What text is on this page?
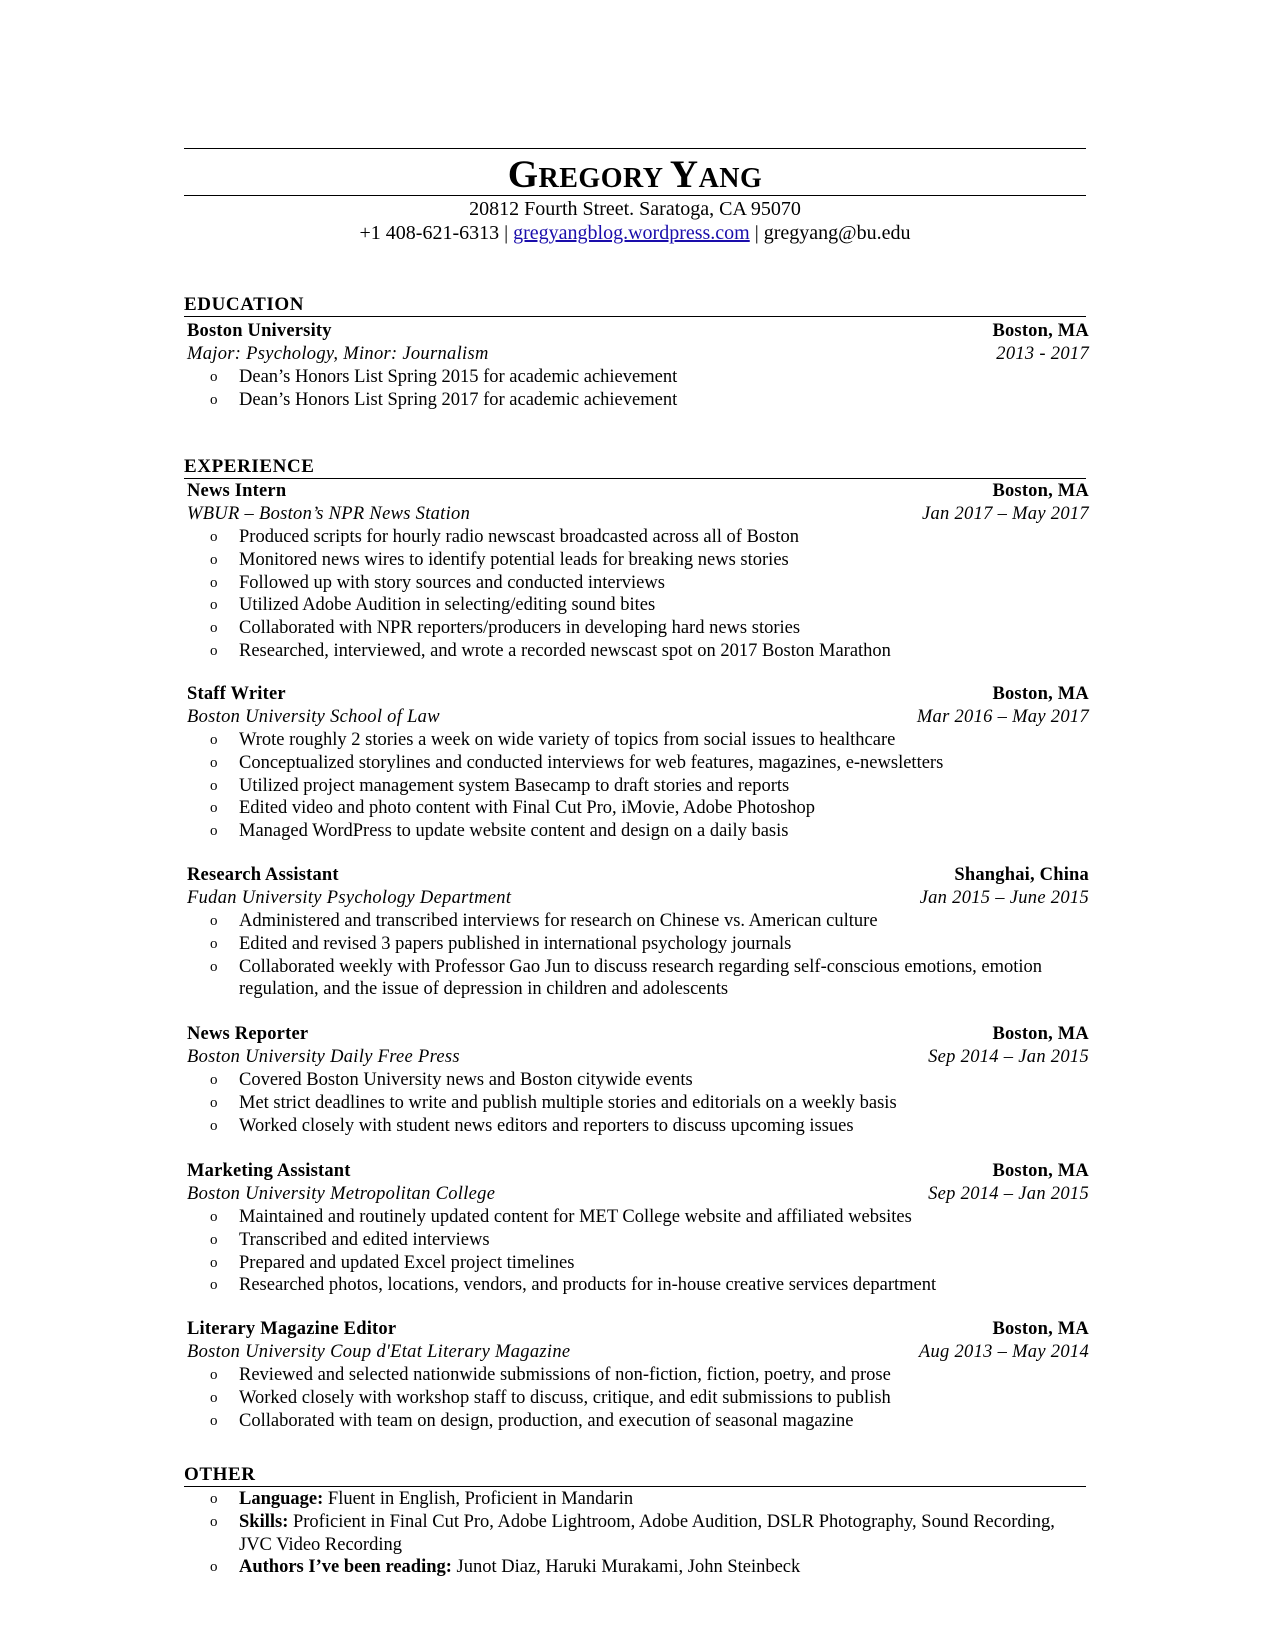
GREGORY YANG
20812 Fourth Street. Saratoga, CA 95070
+1 408-621-6313 | gregyangblog.wordpress.com | gregyang@bu.edu
EDUCATION
Boston University	Boston, MA
Major: Psychology, Minor: Journalism	2013 - 2017
o Dean’s Honors List Spring 2015 for academic achievement
o Dean’s Honors List Spring 2017 for academic achievement
EXPERIENCE
News Intern	Boston, MA
WBUR – Boston’s NPR News Station	Jan 2017 – May 2017
o Produced scripts for hourly radio newscast broadcasted across all of Boston
o Monitored news wires to identify potential leads for breaking news stories
o Followed up with story sources and conducted interviews
o Utilized Adobe Audition in selecting/editing sound bites
o Collaborated with NPR reporters/producers in developing hard news stories
o Researched, interviewed, and wrote a recorded newscast spot on 2017 Boston Marathon
Staff Writer	Boston, MA
Boston University School of Law	Mar 2016 – May 2017
o Wrote roughly 2 stories a week on wide variety of topics from social issues to healthcare
o Conceptualized storylines and conducted interviews for web features, magazines, e-newsletters
o Utilized project management system Basecamp to draft stories and reports
o Edited video and photo content with Final Cut Pro, iMovie, Adobe Photoshop
o Managed WordPress to update website content and design on a daily basis
Research Assistant	Shanghai, China
Fudan University Psychology Department	Jan 2015 – June 2015
o Administered and transcribed interviews for research on Chinese vs. American culture
o Edited and revised 3 papers published in international psychology journals
o Collaborated weekly with Professor Gao Jun to discuss research regarding self-conscious emotions, emotion regulation, and the issue of depression in children and adolescents
News Reporter	Boston, MA
Boston University Daily Free Press	Sep 2014 – Jan 2015
o Covered Boston University news and Boston citywide events
o Met strict deadlines to write and publish multiple stories and editorials on a weekly basis
o Worked closely with student news editors and reporters to discuss upcoming issues
Marketing Assistant	Boston, MA
Boston University Metropolitan College	Sep 2014 – Jan 2015
o Maintained and routinely updated content for MET College website and affiliated websites
o Transcribed and edited interviews
o Prepared and updated Excel project timelines
o Researched photos, locations, vendors, and products for in-house creative services department
Literary Magazine Editor	Boston, MA
Boston University Coup d'Etat Literary Magazine	Aug 2013 – May 2014
o Reviewed and selected nationwide submissions of non-fiction, fiction, poetry, and prose
o Worked closely with workshop staff to discuss, critique, and edit submissions to publish
o Collaborated with team on design, production, and execution of seasonal magazine
OTHER
o Language: Fluent in English, Proficient in Mandarin
o Skills: Proficient in Final Cut Pro, Adobe Lightroom, Adobe Audition, DSLR Photography, Sound Recording, JVC Video Recording
o Authors I’ve been reading: Junot Diaz, Haruki Murakami, John Steinbeck
